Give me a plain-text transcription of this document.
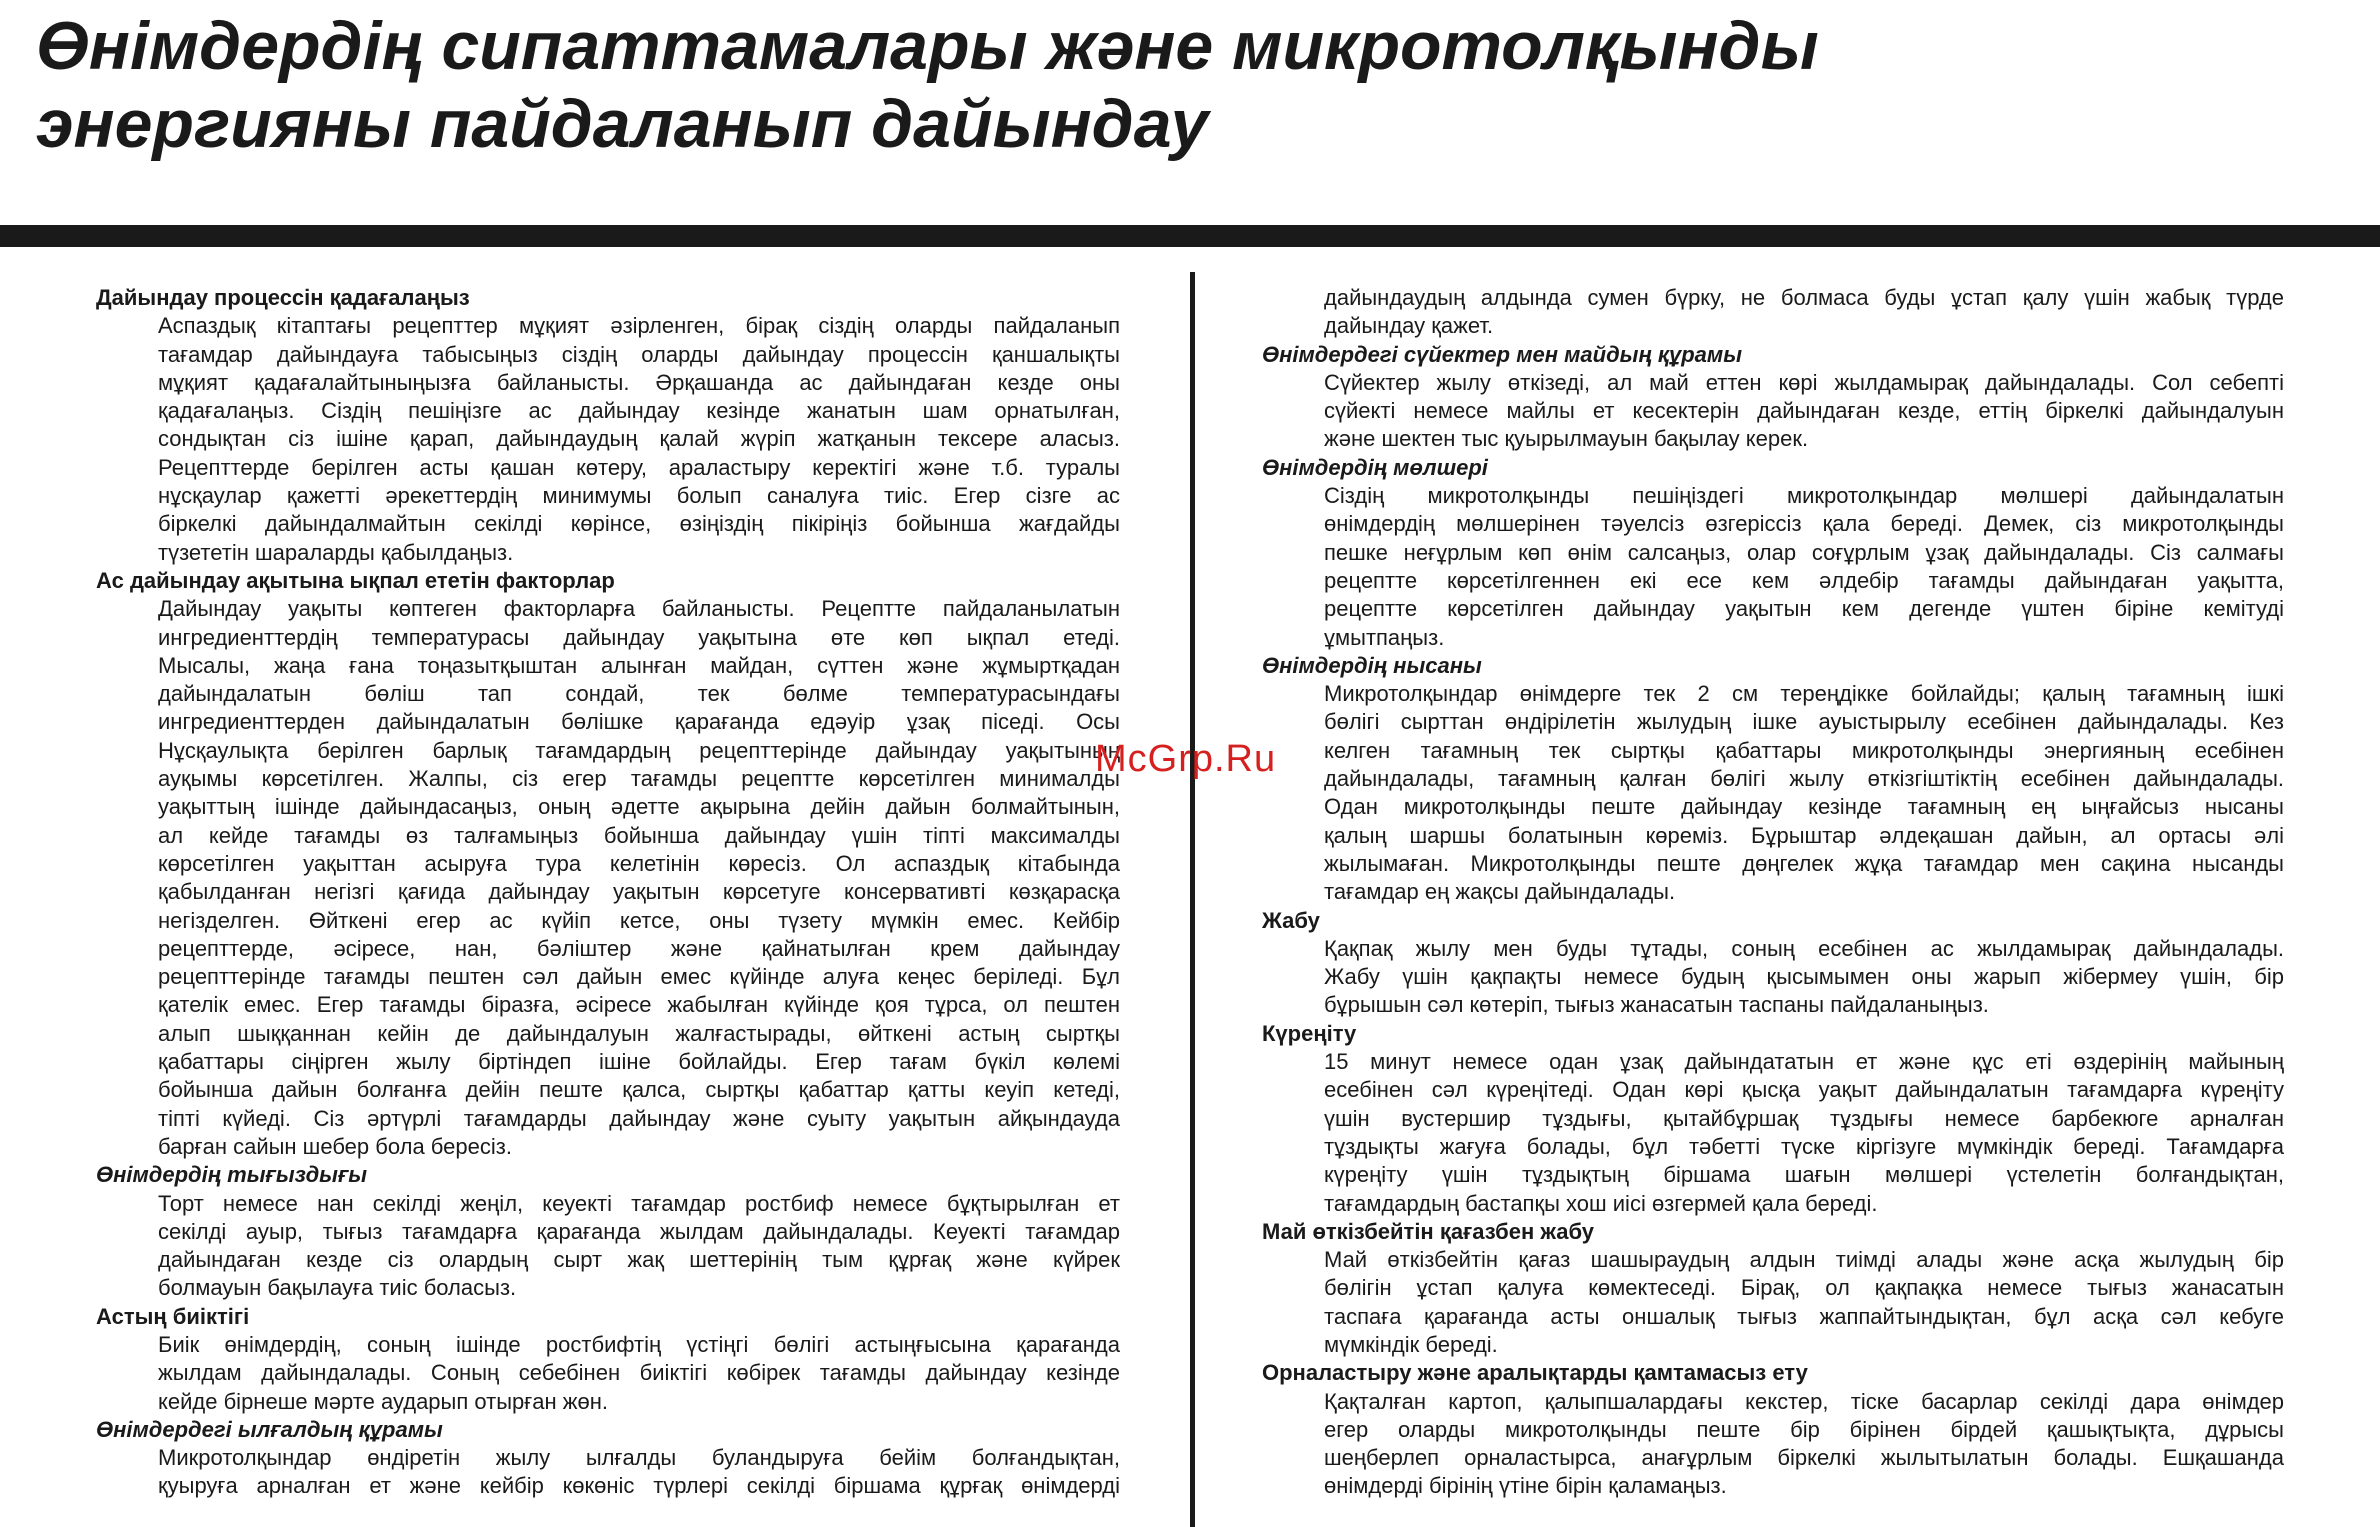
Өнімдердің сипаттамалары және микротолқынды
энергияны пайдаланып дайындау
Дайындау процессін қадағалаңыз
Аспаздық кітаптағы рецепттер мұқият әзірленген, бірақ сіздің оларды пайдаланып
тағамдар дайындауға табысыңыз сіздің оларды дайындау процессін қаншалықты
мұқият қадағалайтыныңызға байланысты. Әрқашанда ас дайындаған кезде оны
қадағалаңыз. Сіздің пешіңізге ас дайындау кезінде жанатын шам орнатылған,
сондықтан сіз ішіне қарап, дайындаудың қалай жүріп жатқанын тексере аласыз.
Рецепттерде берілген асты қашан көтеру, араластыру керектігі және т.б. туралы
нұсқаулар қажетті әрекеттердің минимумы болып саналуға тиіс. Егер сізге ас
біркелкі дайындалмайтын секілді көрінсе, өзіңіздің пікіріңіз бойынша жағдайды
түзететін шараларды қабылдаңыз.
Ас дайындау ақытына ықпал ететін факторлар
Дайындау уақыты көптеген факторларға байланысты. Рецептте пайдаланылатын
ингредиенттердің температурасы дайындау уақытына өте көп ықпал етеді.
Мысалы, жаңа ғана тоңазытқыштан алынған майдан, сүттен және жұмыртқадан
дайындалатын бөліш тап сондай, тек бөлме температурасындағы
ингредиенттерден дайындалатын бөлішке қарағанда едәуір ұзақ піседі. Осы
Нұсқаулықта берілген барлық тағамдардың рецепттерінде дайындау уақытының
ауқымы көрсетілген. Жалпы, сіз егер тағамды рецептте көрсетілген минималды
уақыттың ішінде дайындасаңыз, оның әдетте ақырына дейін дайын болмайтынын,
ал кейде тағамды өз талғамыңыз бойынша дайындау үшін тіпті максималды
көрсетілген уақыттан асыруға тура келетінін көресіз. Ол аспаздық кітабында
қабылданған негізгі қағида дайындау уақытын көрсетуге консервативті көзқарасқа
негізделген. Өйткені егер ас күйіп кетсе, оны түзету мүмкін емес. Кейбір
рецепттерде, әсіресе, нан, бәліштер және қайнатылған крем дайындау
рецепттерінде тағамды пештен сәл дайын емес күйінде алуға кеңес беріледі. Бұл
қателік емес. Егер тағамды біразға, әсіресе жабылған күйінде қоя тұрса, ол пештен
алып шыққаннан кейін де дайындалуын жалғастырады, өйткені астың сыртқы
қабаттары сіңірген жылу біртіндеп ішіне бойлайды. Егер тағам бүкіл көлемі
бойынша дайын болғанға дейін пеште қалса, сыртқы қабаттар қатты кеуіп кетеді,
тіпті күйеді. Сіз әртүрлі тағамдарды дайындау және суыту уақытын айқындауда
барған сайын шебер бола бересіз.
Өнімдердің тығыздығы
Торт немесе нан секілді жеңіл, кеуекті тағамдар ростбиф немесе бұқтырылған ет
секілді ауыр, тығыз тағамдарға қарағанда жылдам дайындалады. Кеуекті тағамдар
дайындаған кезде сіз олардың сырт жақ шеттерінің тым құрғақ және күйрек
болмауын бақылауға тиіс боласыз.
Астың биіктігі
Биік өнімдердің, соның ішінде ростбифтің үстіңгі бөлігі астыңғысына қарағанда
жылдам дайындалады. Соның себебінен биіктігі көбірек тағамды дайындау кезінде
кейде бірнеше мәрте аударып отырған жөн.
Өнімдердегі ылғалдың құрамы
Микротолқындар өндіретін жылу ылғалды буландыруға бейім болғандықтан,
қуыруға арналған ет және кейбір көкөніс түрлері секілді біршама құрғақ өнімдерді
дайындаудың алдында сумен бүрку, не болмаса буды ұстап қалу үшін жабық түрде
дайындау қажет.
Өнімдердегі сүйектер мен майдың құрамы
Сүйектер жылу өткізеді, ал май еттен көрі жылдамырақ дайындалады. Сол себепті
сүйекті немесе майлы ет кесектерін дайындаған кезде, еттің біркелкі дайындалуын
және шектен тыс қуырылмауын бақылау керек.
Өнімдердің мөлшері
Сіздің микротолқынды пешіңіздегі микротолқындар мөлшері дайындалатын
өнімдердің мөлшерінен тәуелсіз өзгеріссіз қала береді. Демек, сіз микротолқынды
пешке неғұрлым көп өнім салсаңыз, олар соғұрлым ұзақ дайындалады. Сіз салмағы
рецептте көрсетілгеннен екі есе кем әлдебір тағамды дайындаған уақытта,
рецептте көрсетілген дайындау уақытын кем дегенде үштен біріне кемітуді
ұмытпаңыз.
Өнімдердің нысаны
Микротолқындар өнімдерге тек 2 см тереңдікке бойлайды; қалың тағамның ішкі
бөлігі сырттан өндірілетін жылудың ішке ауыстырылу есебінен дайындалады. Кез
келген тағамның тек сыртқы қабаттары микротолқынды энергияның есебінен
дайындалады, тағамның қалған бөлігі жылу өткізгіштіктің есебінен дайындалады.
Одан микротолқынды пеште дайындау кезінде тағамның ең ыңғайсыз нысаны
қалың шаршы болатынын көреміз. Бұрыштар әлдеқашан дайын, ал ортасы әлі
жылымаған. Микротолқынды пеште дөңгелек жұқа тағамдар мен сақина нысанды
тағамдар ең жақсы дайындалады.
Жабу
Қақпақ жылу мен буды тұтады, соның есебінен ас жылдамырақ дайындалады.
Жабу үшін қақпақты немесе будың қысымымен оны жарып жібермеу үшін, бір
бұрышын сәл көтеріп, тығыз жанасатын таспаны пайдаланыңыз.
Күреңіту
15 минут немесе одан ұзақ дайындататын ет және құс еті өздерінің майының
есебінен сәл күреңітеді. Одан көрі қысқа уақыт дайындалатын тағамдарға күреңіту
үшін вустершир тұздығы, қытайбұршақ тұздығы немесе барбекюге арналған
тұздықты жағуға болады, бұл тәбетті түске кіргізуге мүмкіндік береді. Тағамдарға
күреңіту үшін тұздықтың біршама шағын мөлшері үстелетін болғандықтан,
тағамдардың бастапқы хош иісі өзгермей қала береді.
Май өткізбейтін қағазбен жабу
Май өткізбейтін қағаз шашыраудың алдын тиімді алады және асқа жылудың бір
бөлігін ұстап қалуға көмектеседі. Бірақ, ол қақпақка немесе тығыз жанасатын
таспаға қарағанда асты оншалық тығыз жаппайтындықтан, бұл асқа сәл кебуге
мүмкіндік береді.
Орналастыру және аралықтарды қамтамасыз ету
Қақталған картоп, қалыпшалардағы кекстер, тіске басарлар секілді дара өнімдер
егер оларды микротолқынды пеште бір бірінен бірдей қашықтықта, дұрысы
шеңберлеп орналастырса, анағұрлым біркелкі жылытылатын болады. Ешқашанда
өнімдерді бірінің үтіне бірін қаламаңыз.
McGrp.Ru
